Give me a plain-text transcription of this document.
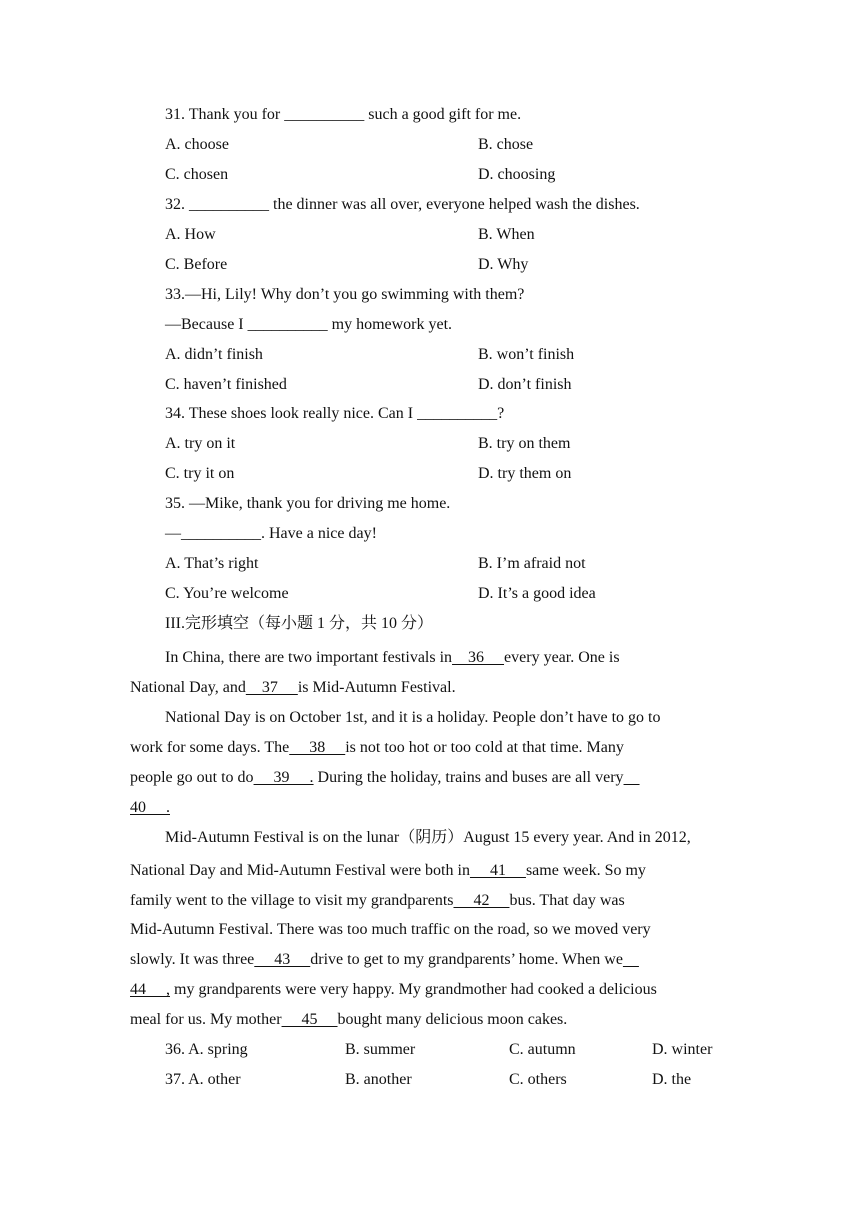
31. Thank you for __________ such a good gift for me.
A. choose	B. chose
C. chosen	D. choosing
32. __________ the dinner was all over, everyone helped wash the dishes.
A. How	B. When
C. Before	D. Why
33.—Hi, Lily! Why don’t you go swimming with them?
—Because I __________ my homework yet.
A. didn’t finish	B. won’t finish
C. haven’t finished	D. don’t finish
34. These shoes look really nice. Can I __________?
A. try on it	B. try on them
C. try it on	D. try them on
35. —Mike, thank you for driving me home.
—__________. Have a nice day!
A. That’s right	B. I’m afraid not
C. You’re welcome	D. It’s a good idea
III.完形填空（每小题 1 分，共 10 分）
In China, there are two important festivals in    36     every year. One is
National Day, and    37     is Mid-Autumn Festival.
National Day is on October 1st, and it is a holiday. People don’t have to go to
work for some days. The     38     is not too hot or too cold at that time. Many
people go out to do     39     . During the holiday, trains and buses are all very
40     .
Mid-Autumn Festival is on the lunar（阴历）August 15 every year. And in 2012,
National Day and Mid-Autumn Festival were both in     41     same week. So my
family went to the village to visit my grandparents     42     bus. That day was
Mid-Autumn Festival. There was too much traffic on the road, so we moved very
slowly. It was three     43     drive to get to my grandparents’ home. When we
44     , my grandparents were very happy. My grandmother had cooked a delicious
meal for us. My mother     45     bought many delicious moon cakes.
36. A. spring	B. summer	C. autumn	D. winter
37. A. other	B. another	C. others	D. the
